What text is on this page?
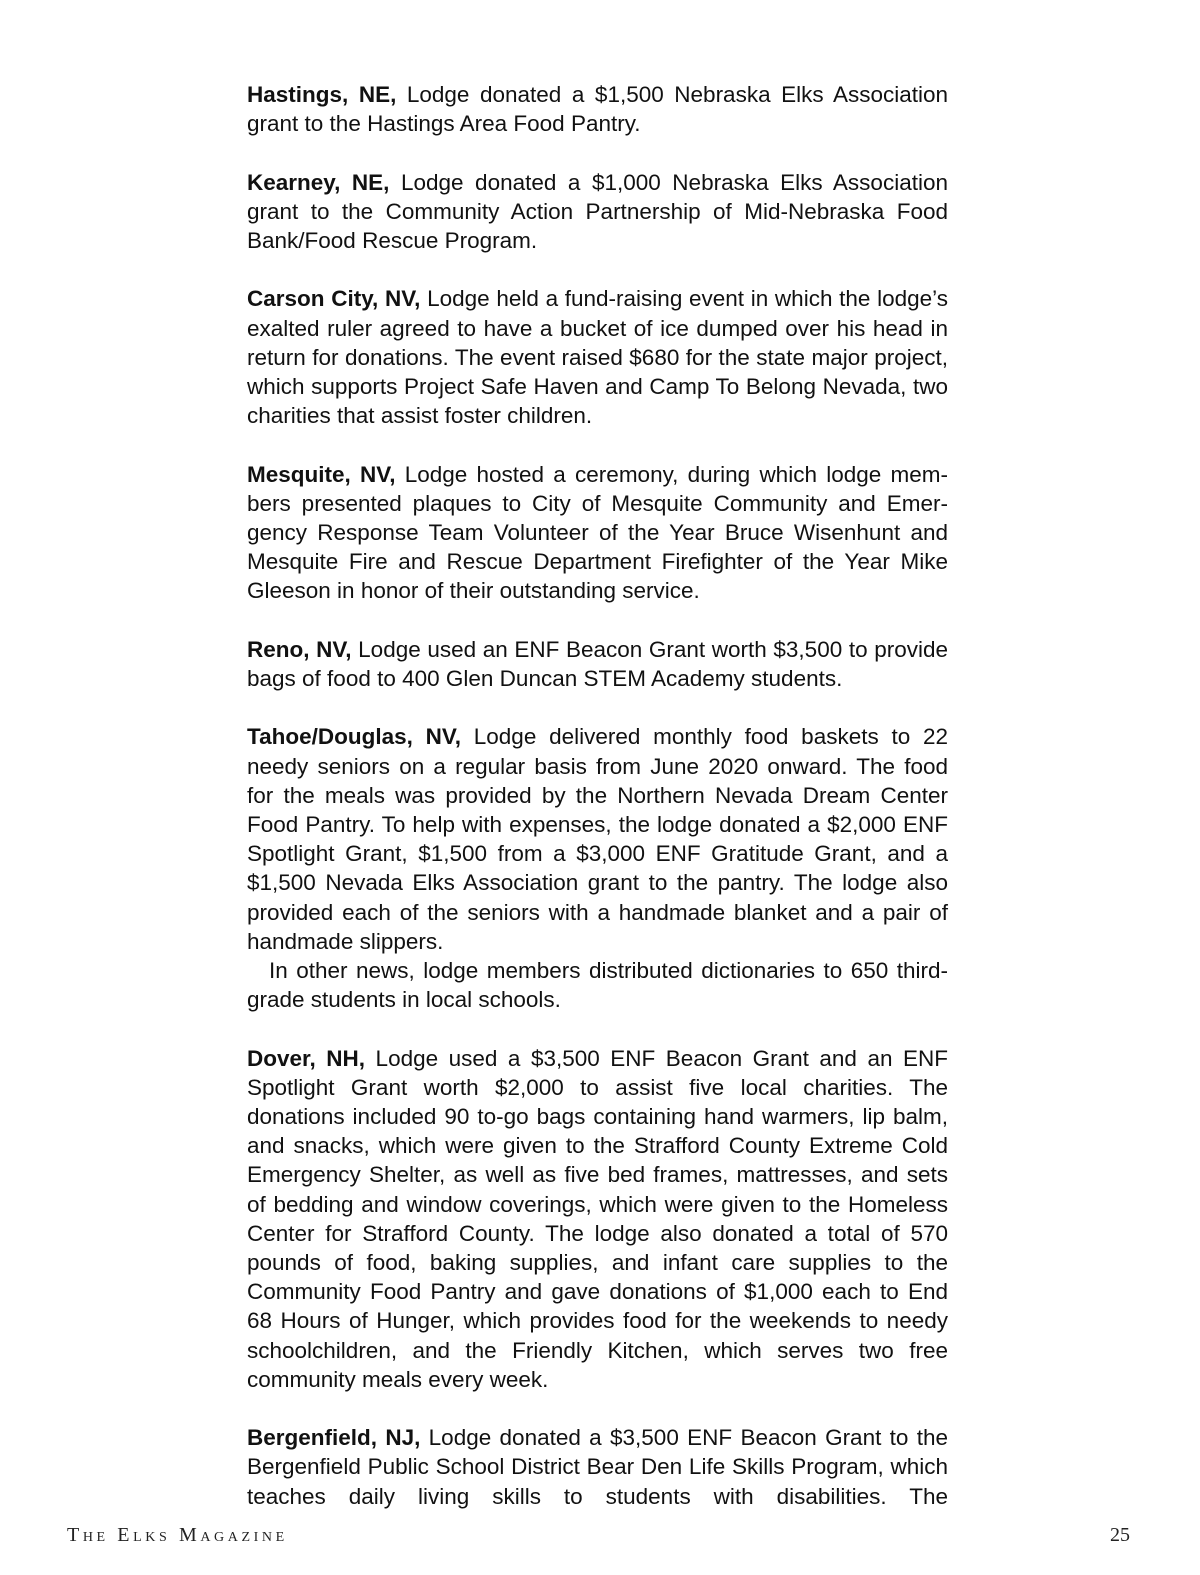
Hastings, NE, Lodge donated a $1,500 Nebraska Elks Association grant to the Hastings Area Food Pantry.

Kearney, NE, Lodge donated a $1,000 Nebraska Elks Association grant to the Community Action Partnership of Mid-Nebraska Food Bank/Food Rescue Program.

Carson City, NV, Lodge held a fund-raising event in which the lodge’s exalted ruler agreed to have a bucket of ice dumped over his head in return for donations. The event raised $680 for the state major project, which supports Project Safe Haven and Camp To Belong Nevada, two charities that assist foster children.

Mesquite, NV, Lodge hosted a ceremony, during which lodge members presented plaques to City of Mesquite Community and Emergency Response Team Volunteer of the Year Bruce Wisenhunt and Mesquite Fire and Rescue Department Firefighter of the Year Mike Gleeson in honor of their outstanding service.

Reno, NV, Lodge used an ENF Beacon Grant worth $3,500 to provide bags of food to 400 Glen Duncan STEM Academy students.

Tahoe/Douglas, NV, Lodge delivered monthly food baskets to 22 needy seniors on a regular basis from June 2020 onward. The food for the meals was provided by the Northern Nevada Dream Center Food Pantry. To help with expenses, the lodge donated a $2,000 ENF Spotlight Grant, $1,500 from a $3,000 ENF Gratitude Grant, and a $1,500 Nevada Elks Association grant to the pantry. The lodge also provided each of the seniors with a handmade blanket and a pair of handmade slippers.

In other news, lodge members distributed dictionaries to 650 third-grade students in local schools.

Dover, NH, Lodge used a $3,500 ENF Beacon Grant and an ENF Spotlight Grant worth $2,000 to assist five local charities. The donations included 90 to-go bags containing hand warmers, lip balm, and snacks, which were given to the Strafford County Extreme Cold Emergency Shelter, as well as five bed frames, mattresses, and sets of bedding and window coverings, which were given to the Homeless Center for Strafford County. The lodge also donated a total of 570 pounds of food, baking supplies, and infant care supplies to the Community Food Pantry and gave donations of $1,000 each to End 68 Hours of Hunger, which provides food for the weekends to needy schoolchildren, and the Friendly Kitchen, which serves two free community meals every week.

Bergenfield, NJ, Lodge donated a $3,500 ENF Beacon Grant to the Bergenfield Public School District Bear Den Life Skills Program, which teaches daily living skills to students with disabilities. The

The Elks Magazine	25
